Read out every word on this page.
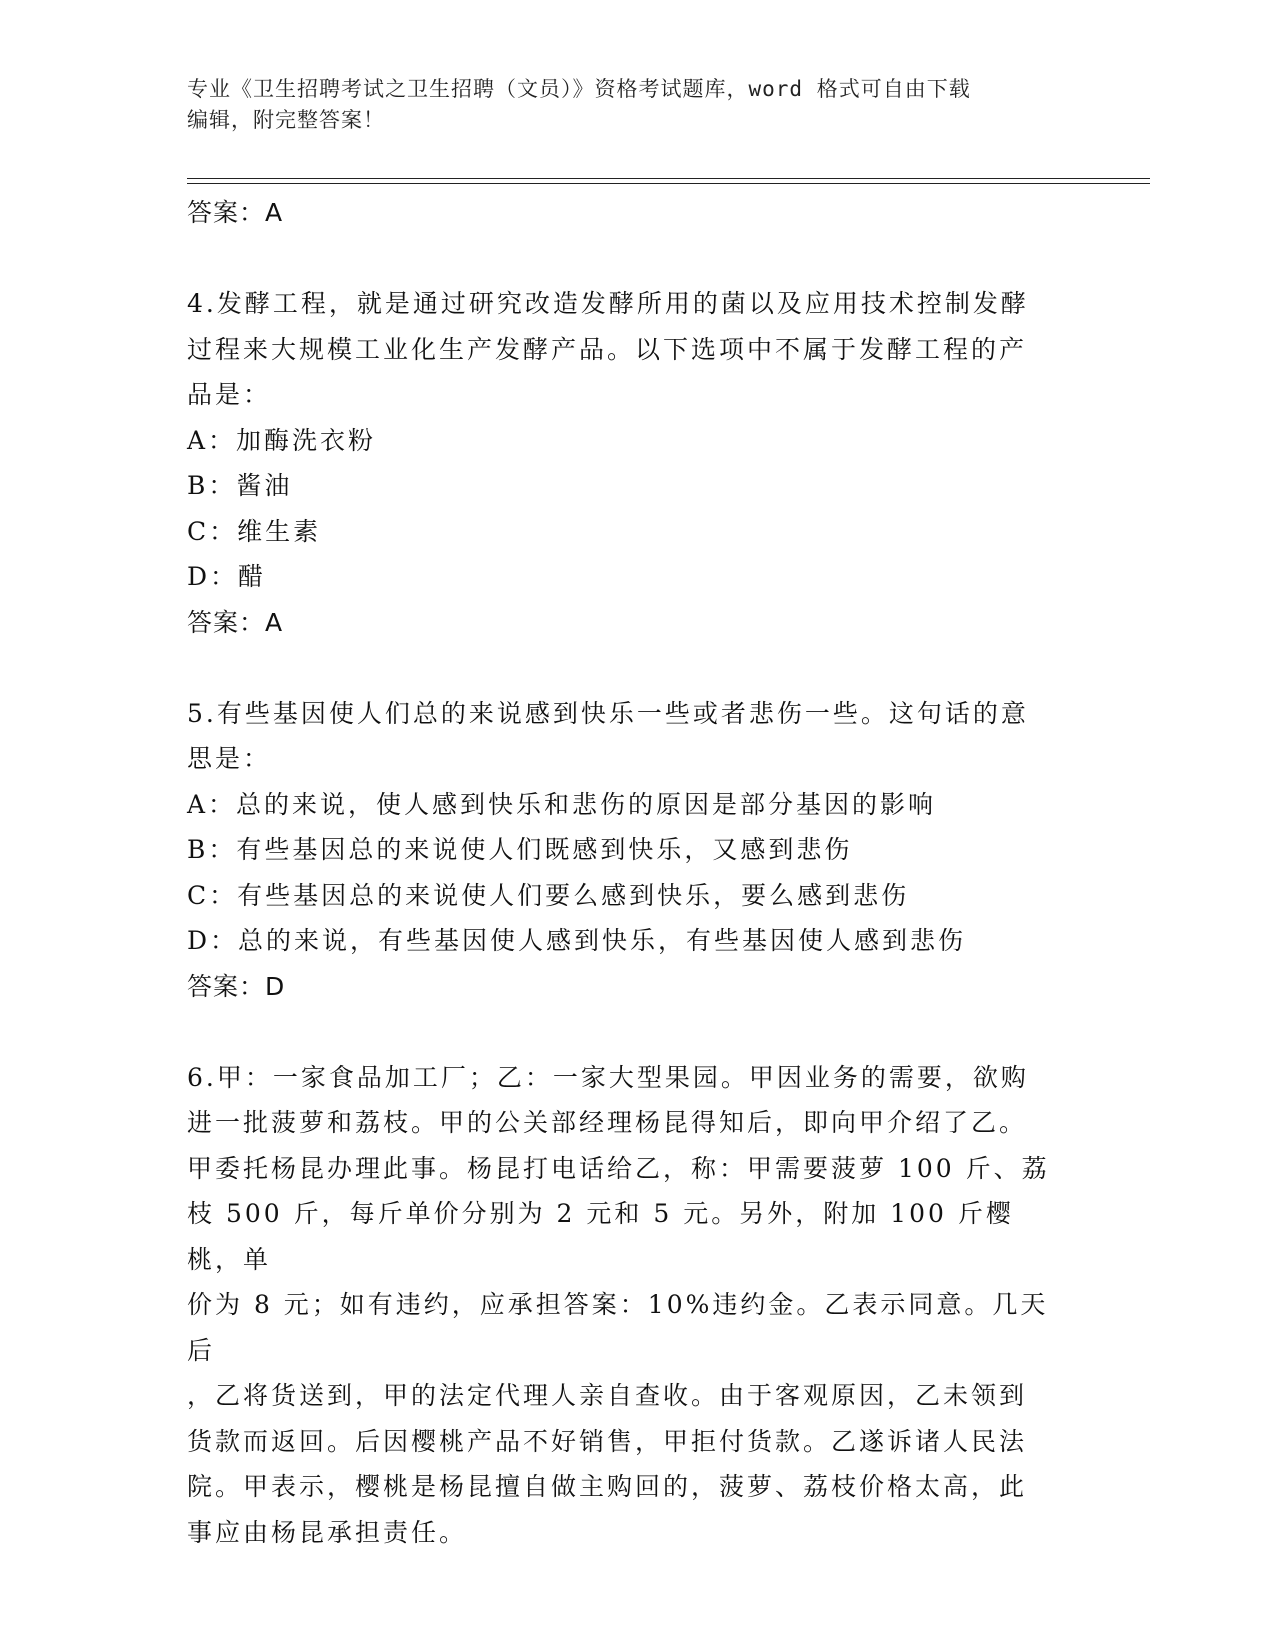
专业《卫生招聘考试之卫生招聘（文员）》资格考试题库，word 格式可自由下载
编辑，附完整答案！

答案：A

4.发酵工程，就是通过研究改造发酵所用的菌以及应用技术控制发酵

过程来大规模工业化生产发酵产品。以下选项中不属于发酵工程的产

品是：

A：加酶洗衣粉

B：酱油

C：维生素

D：醋

答案：A

5.有些基因使人们总的来说感到快乐一些或者悲伤一些。这句话的意

思是：

A：总的来说，使人感到快乐和悲伤的原因是部分基因的影响

B：有些基因总的来说使人们既感到快乐，又感到悲伤

C：有些基因总的来说使人们要么感到快乐，要么感到悲伤

D：总的来说，有些基因使人感到快乐，有些基因使人感到悲伤

答案：D

6.甲：一家食品加工厂；乙：一家大型果园。甲因业务的需要，欲购

进一批菠萝和荔枝。甲的公关部经理杨昆得知后，即向甲介绍了乙。

甲委托杨昆办理此事。杨昆打电话给乙，称：甲需要菠萝 100 斤、荔

枝 500 斤，每斤单价分别为 2 元和 5 元。另外，附加 100 斤樱桃，单

价为 8 元；如有违约，应承担答案：10%违约金。乙表示同意。几天后

，乙将货送到，甲的法定代理人亲自查收。由于客观原因，乙未领到

货款而返回。后因樱桃产品不好销售，甲拒付货款。乙遂诉诸人民法

院。甲表示，樱桃是杨昆擅自做主购回的，菠萝、荔枝价格太高，此

事应由杨昆承担责任。
